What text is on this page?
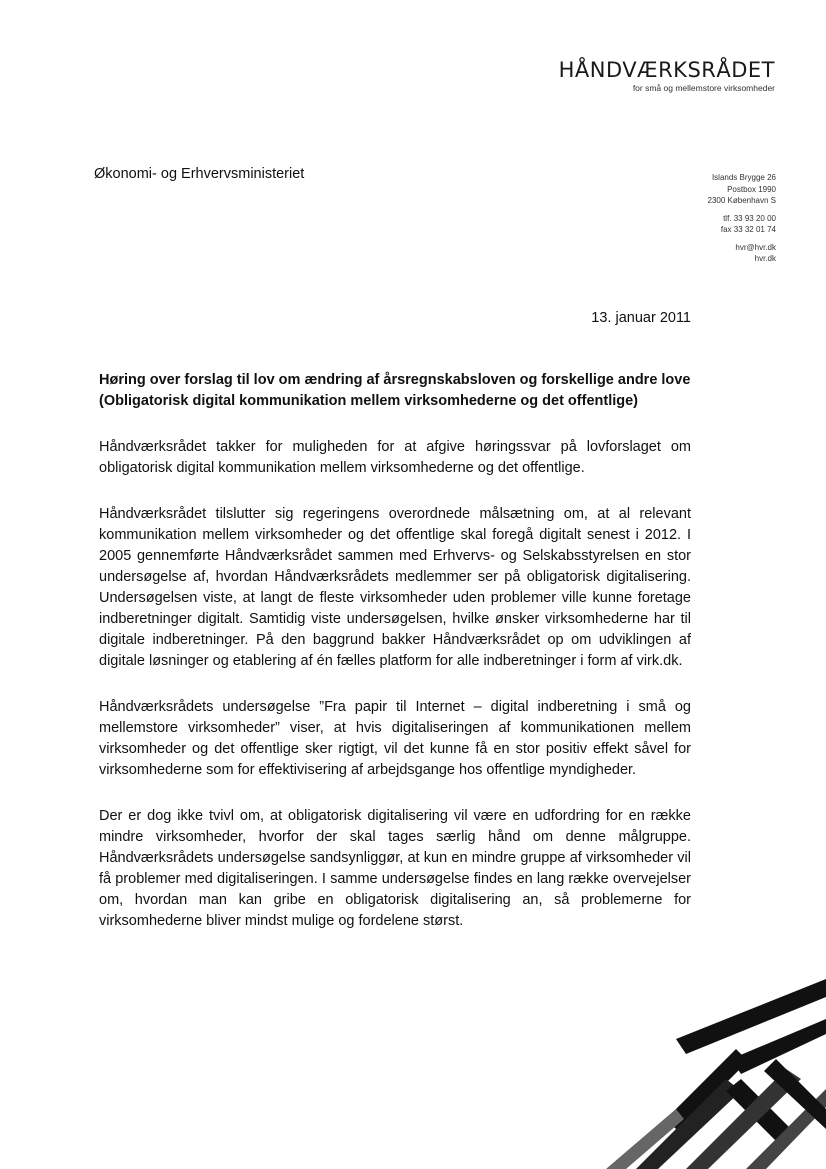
HÅNDVÆRKSRÅDET
for små og mellemstore virksomheder
Økonomi- og Erhvervsministeriet	Islands Brygge 26
Postbox 1990
2300 København S
tlf. 33 93 20 00
fax 33 32 01 74
hvr@hvr.dk
hvr.dk
13. januar 2011

Høring over forslag til lov om ændring af årsregnskabsloven og forskellige andre love (Obligatorisk digital kommunikation mellem virksomhederne og det offentlige)

Håndværksrådet takker for muligheden for at afgive høringssvar på lovforslaget om obligatorisk digital kommunikation mellem virksomhederne og det offentlige.

Håndværksrådet tilslutter sig regeringens overordnede målsætning om, at al relevant kommunikation mellem virksomheder og det offentlige skal foregå digitalt senest i 2012. I 2005 gennemførte Håndværksrådet sammen med Erhvervs- og Selskabsstyrelsen en stor undersøgelse af, hvordan Håndværksrådets medlemmer ser på obligatorisk digitalisering. Undersøgelsen viste, at langt de fleste virksomheder uden problemer ville kunne foretage indberetninger digitalt. Samtidig viste undersøgelsen, hvilke ønsker virksomhederne har til digitale indberetninger. På den baggrund bakker Håndværksrådet op om udviklingen af digitale løsninger og etablering af én fælles platform for alle indberetninger i form af virk.dk.

Håndværksrådets undersøgelse ”Fra papir til Internet – digital indberetning i små og mellemstore virksomheder” viser, at hvis digitaliseringen af kommunikationen mellem virksomheder og det offentlige sker rigtigt, vil det kunne få en stor positiv effekt såvel for virksomhederne som for effektivisering af arbejdsgange hos offentlige myndigheder.

Der er dog ikke tvivl om, at obligatorisk digitalisering vil være en udfordring for en række mindre virksomheder, hvorfor der skal tages særlig hånd om denne målgruppe. Håndværksrådets undersøgelse sandsynliggør, at kun en mindre gruppe af virksomheder vil få problemer med digitaliseringen. I samme undersøgelse findes en lang række overvejelser om, hvordan man kan gribe en obligatorisk digitalisering an, så problemerne for virksomhederne bliver mindst mulige og fordelene størst.
